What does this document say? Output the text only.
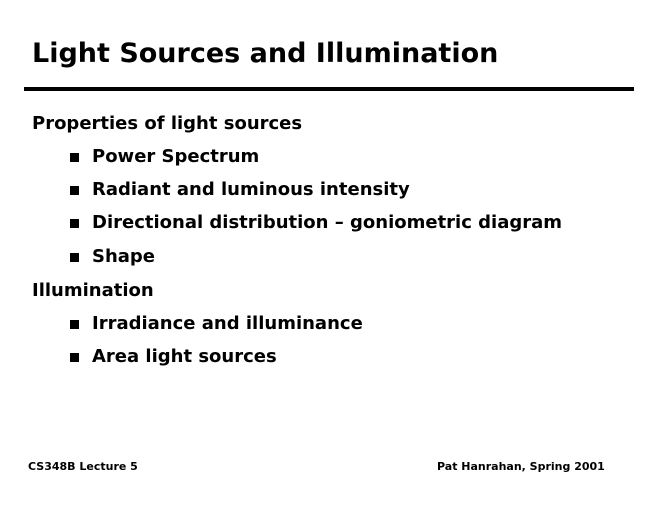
Light Sources and Illumination
Properties of light sources
Power Spectrum
Radiant and luminous intensity
Directional distribution – goniometric diagram
Shape
Illumination
Irradiance and illuminance
Area light sources
CS348B Lecture 5	Pat Hanrahan, Spring 2001
